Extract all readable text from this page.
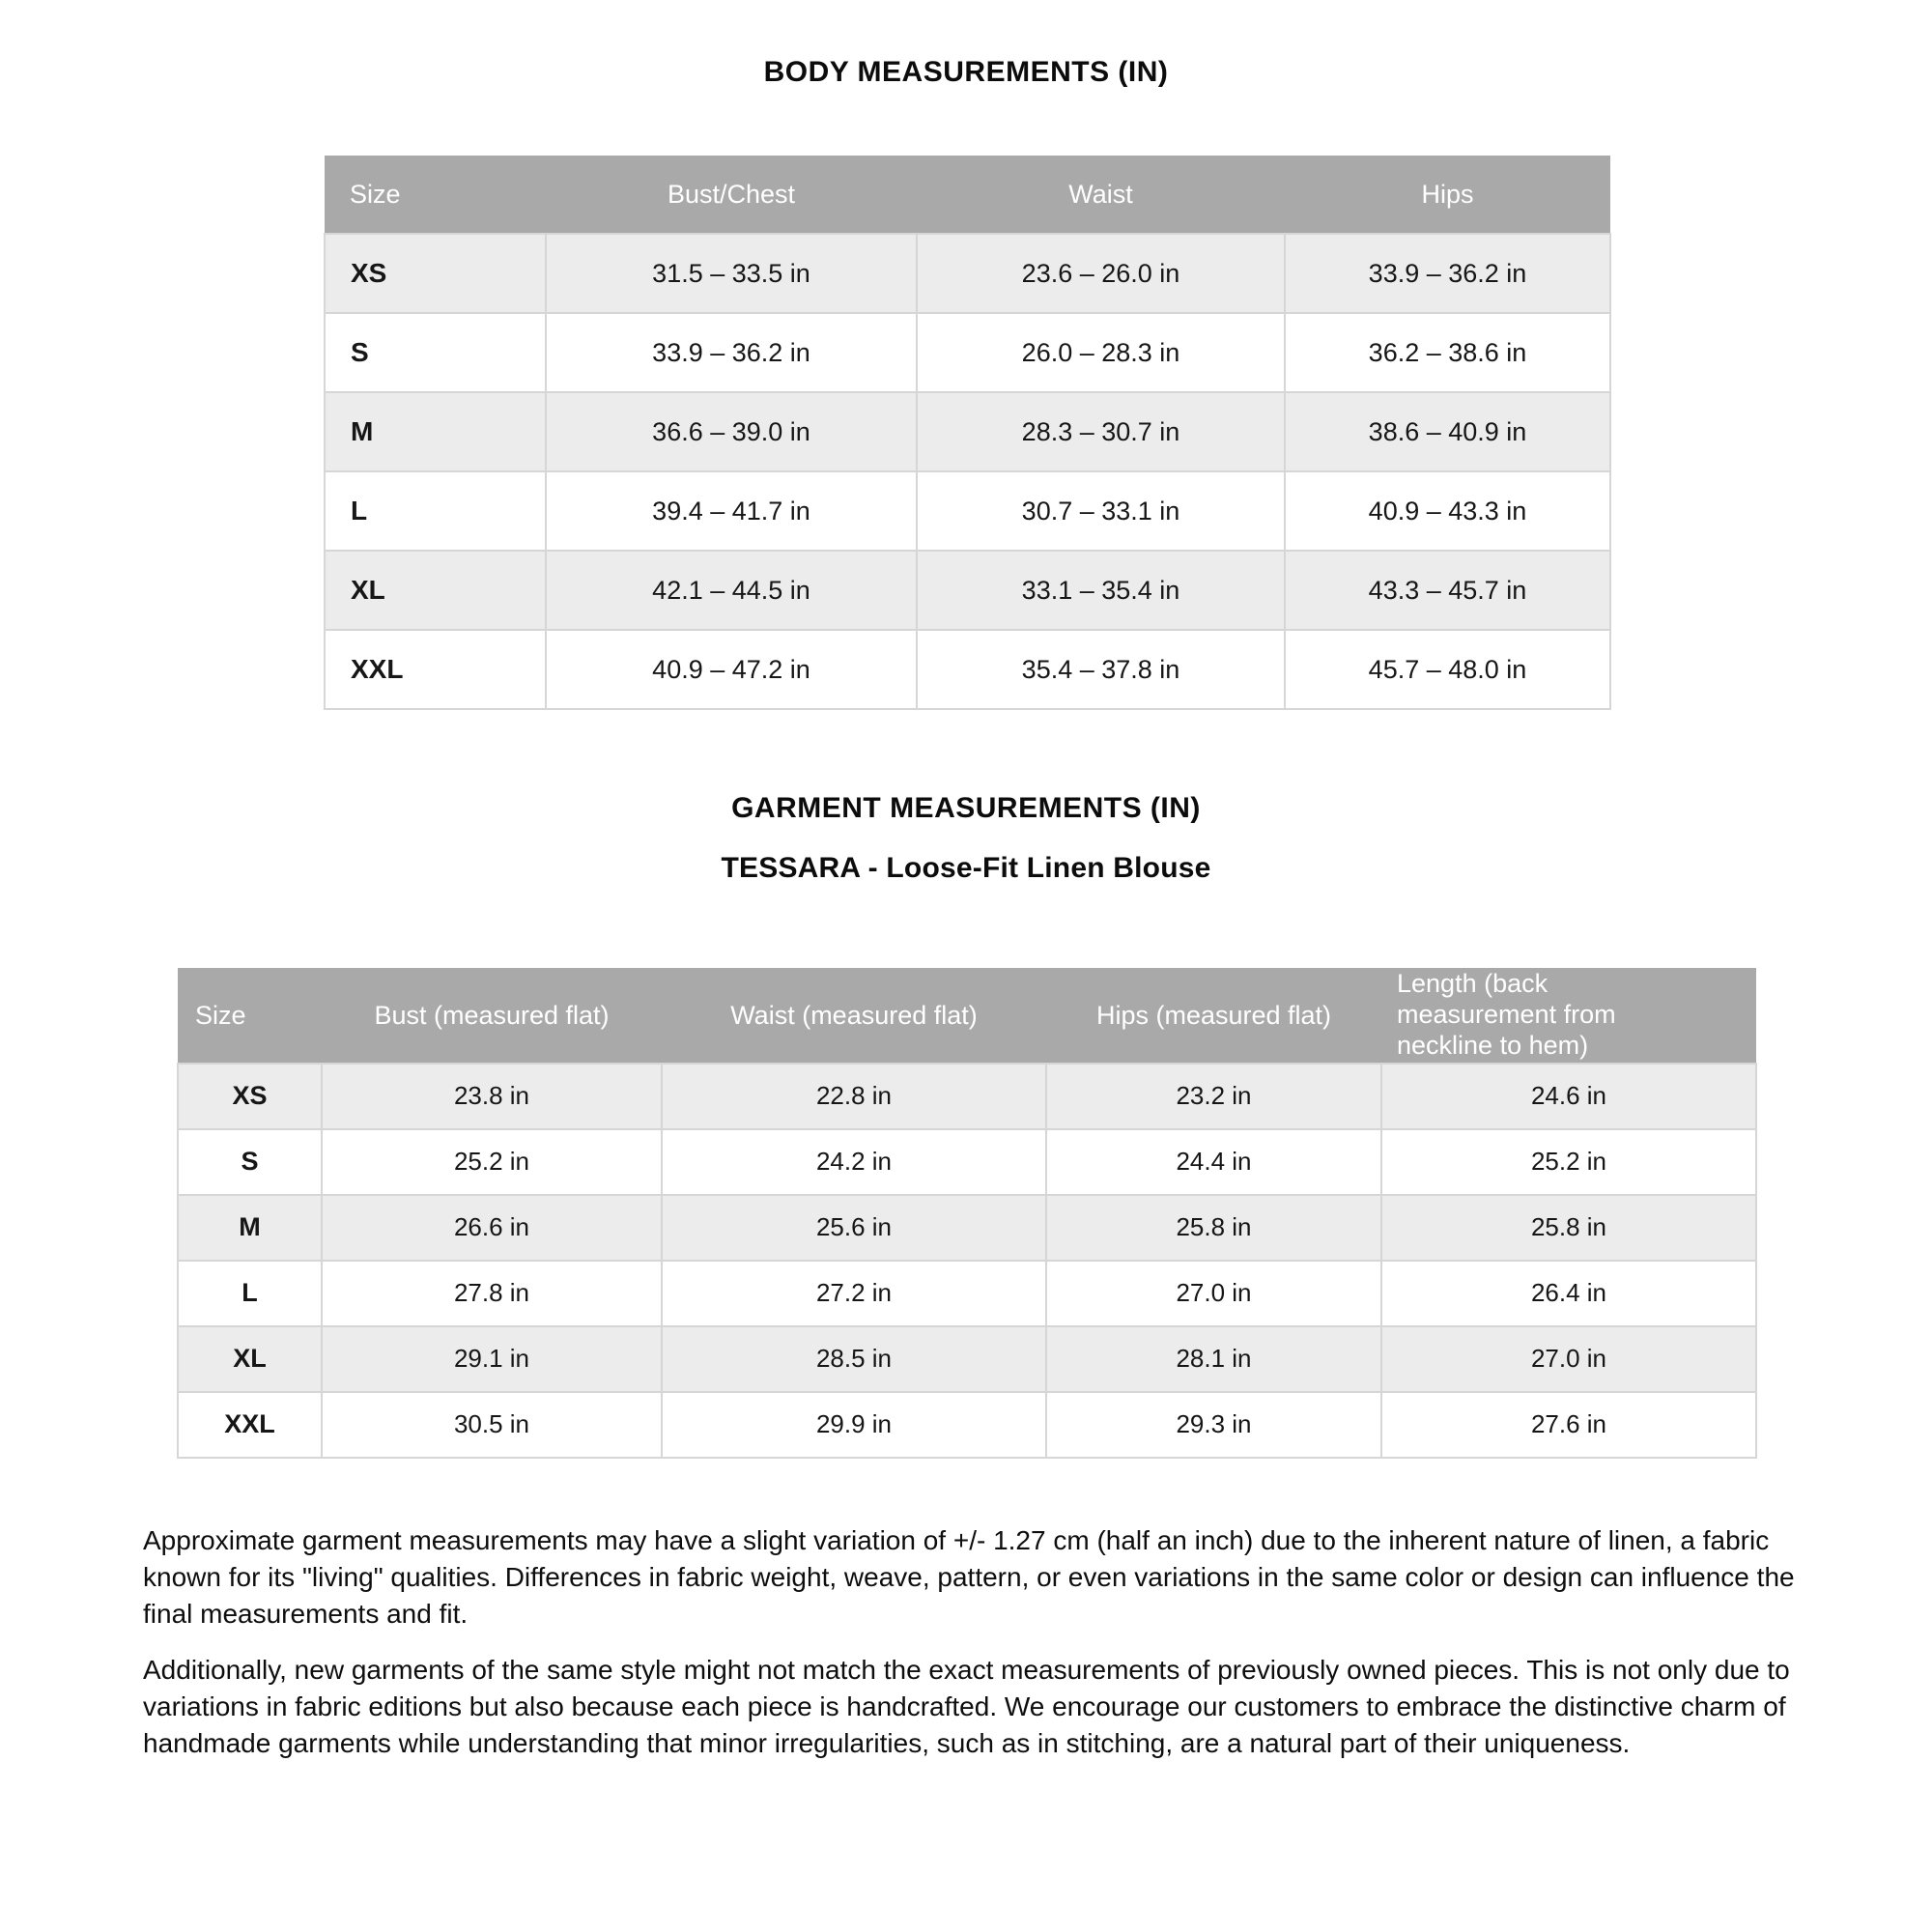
BODY MEASUREMENTS (IN)
Size	Bust/Chest	Waist	Hips
XS	31.5 – 33.5 in	23.6 – 26.0 in	33.9 – 36.2 in
S	33.9 – 36.2 in	26.0 – 28.3 in	36.2 – 38.6 in
M	36.6 – 39.0 in	28.3 – 30.7 in	38.6 – 40.9 in
L	39.4 – 41.7 in	30.7 – 33.1 in	40.9 – 43.3 in
XL	42.1 – 44.5 in	33.1 – 35.4 in	43.3 – 45.7 in
XXL	40.9 – 47.2 in	35.4 – 37.8 in	45.7 – 48.0 in
GARMENT MEASUREMENTS (IN)
TESSARA - Loose-Fit Linen Blouse
Size	Bust (measured flat)	Waist (measured flat)	Hips (measured flat)	Length (back measurement from neckline to hem)
XS	23.8 in	22.8 in	23.2 in	24.6 in
S	25.2 in	24.2 in	24.4 in	25.2 in
M	26.6 in	25.6 in	25.8 in	25.8 in
L	27.8 in	27.2 in	27.0 in	26.4 in
XL	29.1 in	28.5 in	28.1 in	27.0 in
XXL	30.5 in	29.9 in	29.3 in	27.6 in

Approximate garment measurements may have a slight variation of +/- 1.27 cm (half an inch) due to the inherent nature of linen, a fabric known for its "living" qualities. Differences in fabric weight, weave, pattern, or even variations in the same color or design can influence the final measurements and fit.

Additionally, new garments of the same style might not match the exact measurements of previously owned pieces. This is not only due to variations in fabric editions but also because each piece is handcrafted. We encourage our customers to embrace the distinctive charm of handmade garments while understanding that minor irregularities, such as in stitching, are a natural part of their uniqueness.
